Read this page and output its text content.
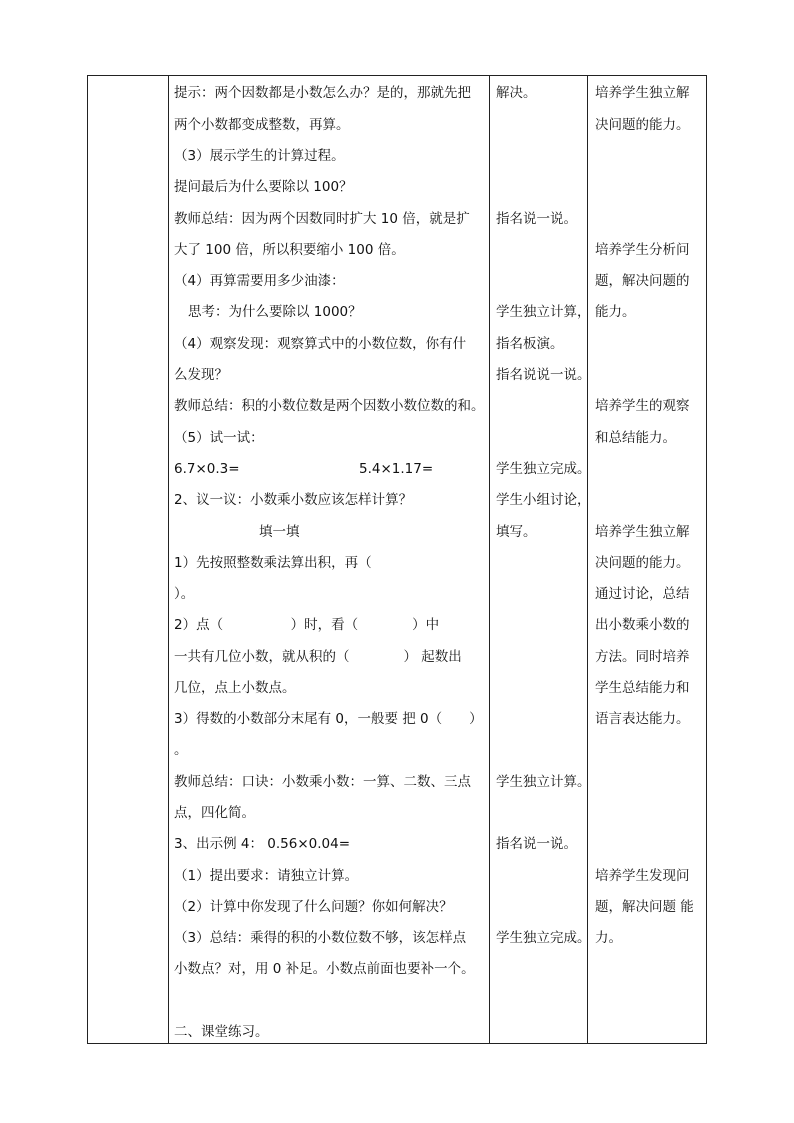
提示：两个因数都是小数怎么办？是的，那就先把
两个小数都变成整数，再算。
（3）展示学生的计算过程。
提问最后为什么要除以 100？
教师总结：因为两个因数同时扩大 10 倍，就是扩
大了 100 倍，所以积要缩小 100 倍。
（4）再算需要用多少油漆：
思考：为什么要除以 1000？
（4）观察发现：观察算式中的小数位数，你有什
么发现？
教师总结：积的小数位数是两个因数小数位数的和。
（5）试一试：
6.7×0.3=	5.4×1.17=
2、议一议：小数乘小数应该怎样计算？
填一填
1）先按照整数乘法算出积，再（
）。
2）点（　　　　　）时，看（　　　　）中
一共有几位小数，就从积的（　　　　） 起数出
几位，点上小数点。
3）得数的小数部分末尾有 0，一般要 把 0（　　）
。
教师总结：口诀：小数乘小数：一算、二数、三点
点，四化简。
3、出示例 4： 0.56×0.04=
（1）提出要求：请独立计算。
（2）计算中你发现了什么问题？你如何解决？
（3）总结：乘得的积的小数位数不够，该怎样点
小数点？对，用 0 补足。小数点前面也要补一个。
二、课堂练习。
解决。
指名说一说。
学生独立计算，
指名板演。
指名说说一说。
学生独立完成。
学生小组讨论，
填写。
学生独立计算。
指名说一说。
学生独立完成。
培养学生独立解
决问题的能力。
培养学生分析问
题，解决问题的
能力。
培养学生的观察
和总结能力。
培养学生独立解
决问题的能力。
通过讨论，总结
出小数乘小数的
方法。同时培养
学生总结能力和
语言表达能力。
培养学生发现问
题，解决问题 能
力。
